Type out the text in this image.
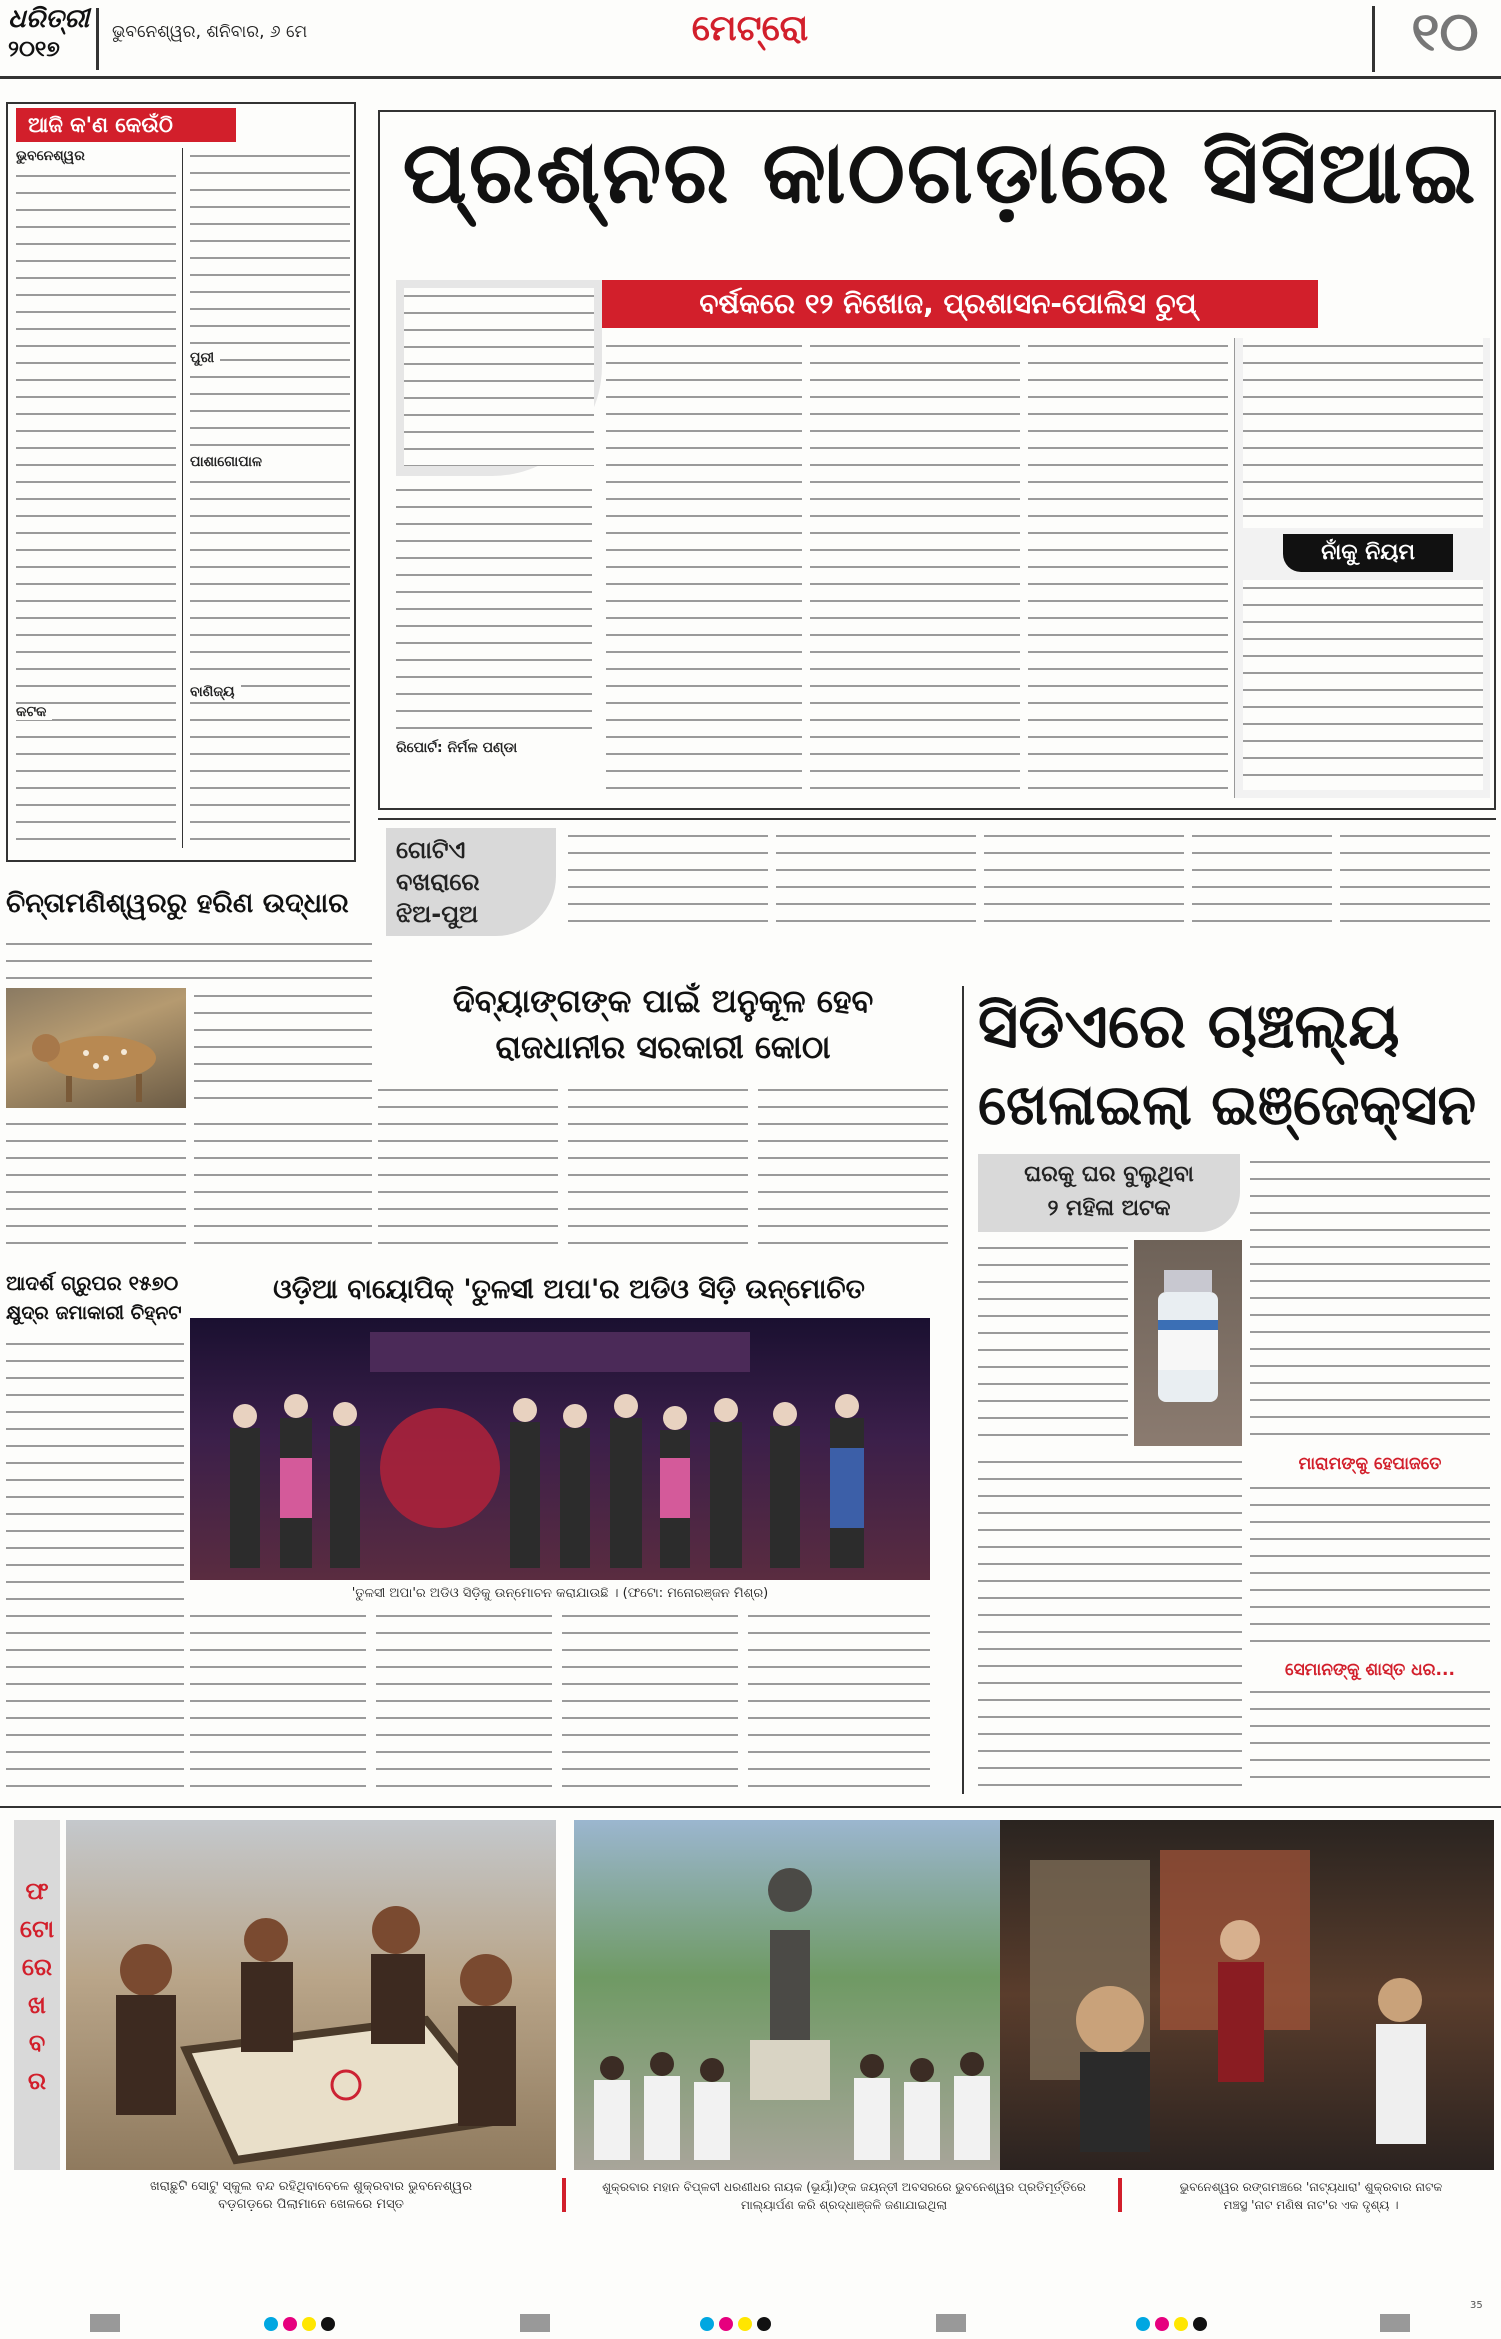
ଧରିତ୍ରୀ
୨୦୧୭
ଭୁବନେଶ୍ୱର, ଶନିବାର, ୬ ମେ	ମେଟ୍ରୋ	୧୦
ଆଜି କ'ଣ କେଉଁଠି
ଭୁବନେଶ୍ୱର
ପୁରୀ
ପାଶାଗୋପାଳ
ବାଣିଜ୍ୟ
କଟକ
ପ୍ରଶ୍ନର କାଠଗଡ଼ାରେ ସିସିଆଇ
ବର୍ଷକରେ ୧୨ ନିଖୋଜ, ପ୍ରଶାସନ-ପୋଲିସ ଚୁପ୍
ରିପୋର୍ଟ: ନିର୍ମଳ ପଣ୍ଡା
ନାଁକୁ ନିୟମ
ଗୋଟିଏ
ବଖରାରେ
ଝିଅ-ପୁଅ
ଚିନ୍ତାମଣିଶ୍ୱରରୁ ହରିଣ ଉଦ୍ଧାର
ଦିବ୍ୟାଙ୍ଗଙ୍କ ପାଇଁ ଅନୁକୂଳ ହେବ
ରାଜଧାନୀର ସରକାରୀ କୋଠା	ସିଡିଏରେ ଚାଞ୍ଚଲ୍ୟ
ଖେଳାଇଲା ଇଞ୍ଜେକ୍ସନ
ଘରକୁ ଘର ବୁଲୁଥିବା
୨ ମହିଳା ଅଟକ
ମାରାମଙ୍କୁ ହେପାଜତେ
ସେମାନଙ୍କୁ ଶାସ୍ତ ଧର...
ଆଦର୍ଶ ଗ୍ରୁପର ୧୫୭୦
କ୍ଷୁଦ୍ର ଜମାକାରୀ ଚିହ୍ନଟ
ଓଡ଼ିଆ ବାୟୋପିକ୍ 'ତୁଳସୀ ଅପା'ର ଅଡିଓ ସିଡ଼ି ଉନ୍ମୋଚିତ
'ତୁଳସୀ ଅପା'ର ଅଡିଓ ସିଡ଼ିକୁ ଉନ୍ମୋଚନ କରାଯାଉଛି । (ଫଟୋ: ମନୋରଞ୍ଜନ ମିଶ୍ର)
ଫ
ଟୋ
ରେ
ଖ
ବ
ର
ଖରାଛୁଟି ସୋଟୁ ସ୍କୁଲ ବନ୍ଦ ରହିଥିବାବେଳେ ଶୁକ୍ରବାର ଭୁବନେଶ୍ୱର
ବଡ଼ଗଡ଼ରେ ପିଲାମାନେ ଖେଳରେ ମସ୍ତ
ଶୁକ୍ରବାର ମହାନ ବିପ୍ଳବୀ ଧରଣୀଧର ନାୟକ (ଭୂୟାଁ)ଙ୍କ ଜୟନ୍ତୀ ଅବସରରେ ଭୁବନେଶ୍ୱର ପ୍ରତିମୂର୍ତ୍ତିରେ
ମାଲ୍ୟାର୍ପଣ କରି ଶ୍ରଦ୍ଧାଞ୍ଜଳି ଜଣାଯାଇଥିଲା
ଭୁବନେଶ୍ୱର ରଙ୍ଗମଞ୍ଚରେ 'ନାଟ୍ୟଧାରା' ଶୁକ୍ରବାର ନାଟକ
ମଞ୍ଚସ୍ଥ 'ନାଟ ମଣିଷ ନାଟ'ର ଏକ ଦୃଶ୍ୟ ।

35
